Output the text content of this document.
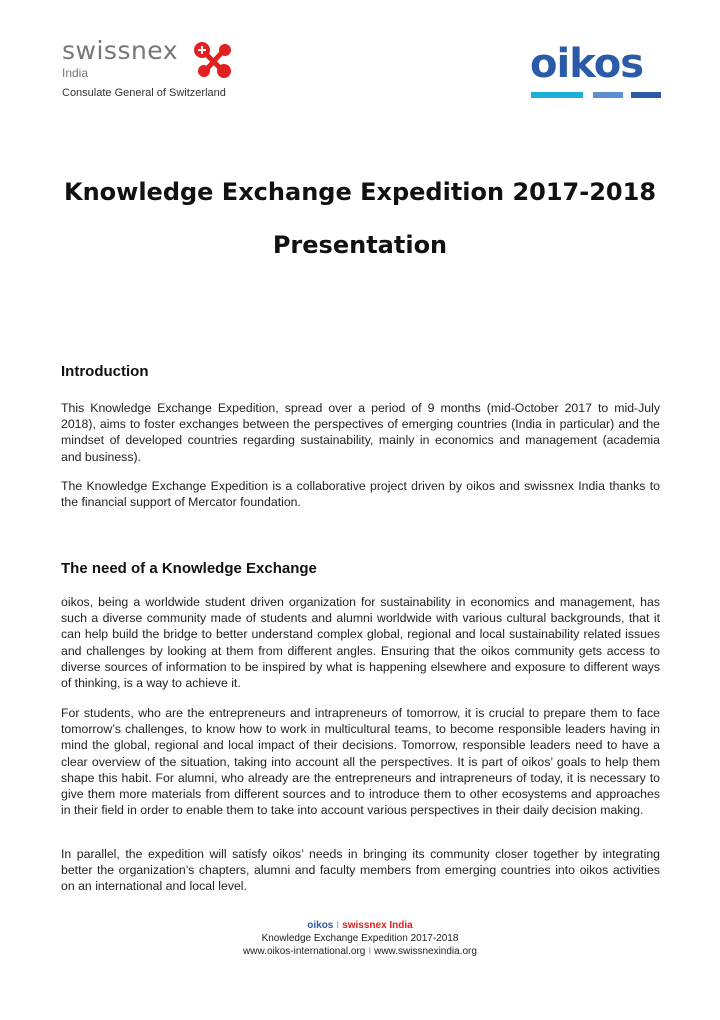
swissnex
India
Consulate General of Switzerland
oikos
Knowledge Exchange Expedition 2017-2018
Presentation
Introduction

This Knowledge Exchange Expedition, spread over a period of 9 months (mid-October 2017 to mid-July 2018), aims to foster exchanges between the perspectives of emerging countries (India in particular) and the mindset of developed countries regarding sustainability, mainly in economics and management (academia and business).

The Knowledge Exchange Expedition is a collaborative project driven by oikos and swissnex India thanks to the financial support of Mercator foundation.

The need of a Knowledge Exchange

oikos, being a worldwide student driven organization for sustainability in economics and management, has such a diverse community made of students and alumni worldwide with various cultural backgrounds, that it can help build the bridge to better understand complex global, regional and local sustainability related issues and challenges by looking at them from different angles. Ensuring that the oikos community gets access to diverse sources of information to be inspired by what is happening elsewhere and exposure to different ways of thinking, is a way to achieve it.

For students, who are the entrepreneurs and intrapreneurs of tomorrow, it is crucial to prepare them to face tomorrow’s challenges, to know how to work in multicultural teams, to become responsible leaders having in mind the global, regional and local impact of their decisions. Tomorrow, responsible leaders need to have a clear overview of the situation, taking into account all the perspectives. It is part of oikos’ goals to help them shape this habit. For alumni, who already are the entrepreneurs and intrapreneurs of today, it is necessary to give them more materials from different sources and to introduce them to other ecosystems and approaches in their field in order to enable them to take into account various perspectives in their daily decision making.

In parallel, the expedition will satisfy oikos’ needs in bringing its community closer together by integrating better the organization’s chapters, alumni and faculty members from emerging countries into oikos activities on an international and local level.

oikos I swissnex India
Knowledge Exchange Expedition 2017-2018
www.oikos-international.org I www.swissnexindia.org
